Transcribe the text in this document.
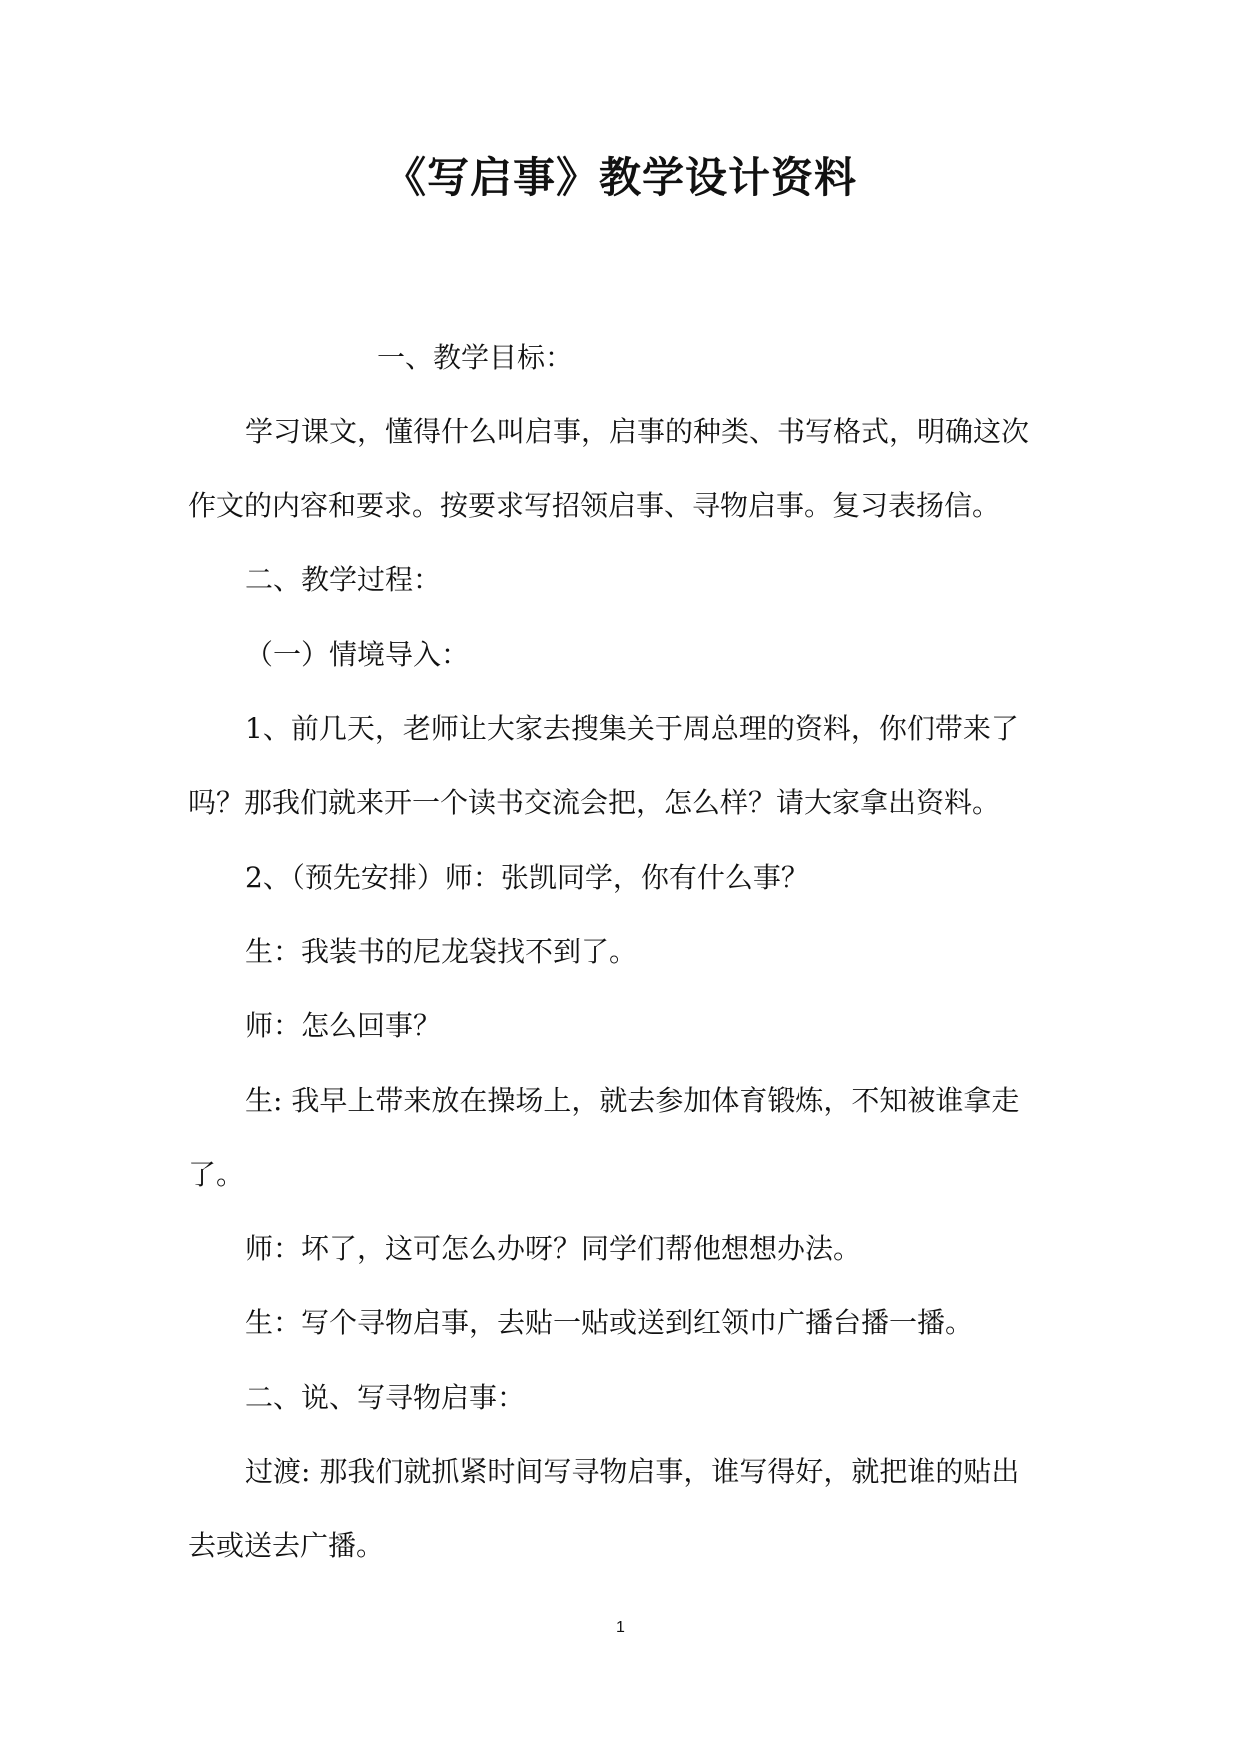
《写启事》教学设计资料
一、教学目标：
学习课文，懂得什么叫启事，启事的种类、书写格式，明确这次
作文的内容和要求。按要求写招领启事、寻物启事。复习表扬信。
二、教学过程：
（一）情境导入：
1、前几天，老师让大家去搜集关于周总理的资料，你们带来了
吗？那我们就来开一个读书交流会把，怎么样？请大家拿出资料。
2、（预先安排）师：张凯同学，你有什么事？
生：我装书的尼龙袋找不到了。
师：怎么回事？
生: 我早上带来放在操场上，就去参加体育锻炼，不知被谁拿走
了。
师：坏了，这可怎么办呀？同学们帮他想想办法。
生：写个寻物启事，去贴一贴或送到红领巾广播台播一播。
二、说、写寻物启事：
过渡: 那我们就抓紧时间写寻物启事，谁写得好，就把谁的贴出
去或送去广播。
1
